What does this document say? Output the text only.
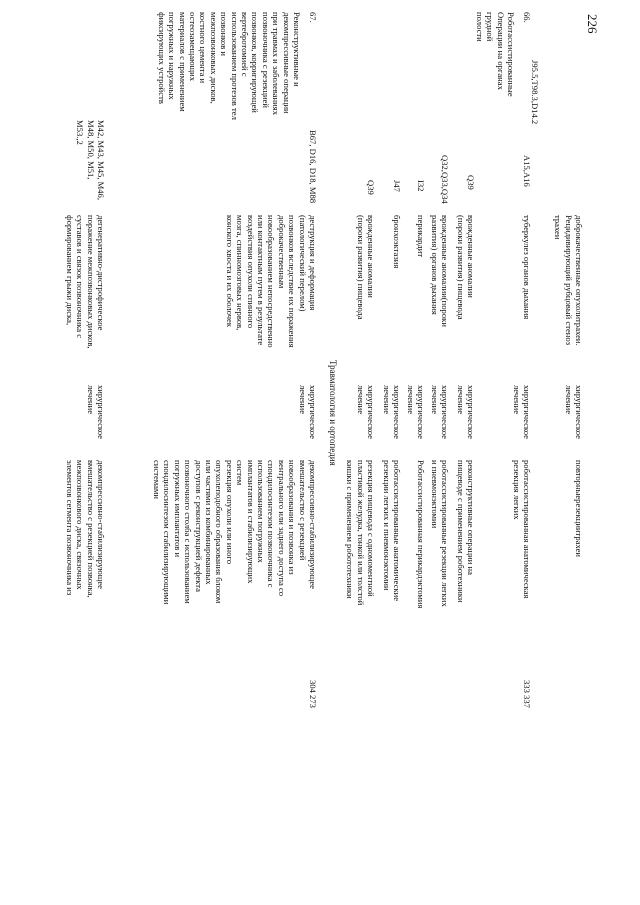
226
J95.5,T98.3,D14.2
доброкачественные опухолитрахеи.
Рецидивирующий рубцовый стеноз
трахеи
хирургическое
лечение
повторныерезекциитрахеи
66.
Роботассистированные
Операции на органах
грудной
полости
A15,A16
туберкулез органов дыхания
хирургическое
лечение
роботассистированная анатомическая
резекция легких
333 337
Q39
врожденные аномалии
(пороки развития) пищевода
хирургическое
лечение
реконструктивные операции на
пищеводе с применением роботехники
Q32,Q33,Q34
врожденные аномалии(пороки
развития) органов дыхания
хирургическое
лечение
роботассистированные резекции легких
и пневмонэктомии
I32
перикардит
хирургическое
лечение
Роботассистированная перикардэктомия
J47
бронхоэктазия
хирургическое
лечение
роботассистированные анатомические
резекции легких и пневмонэктомии
Q39
врожденные аномалии
(пороки развития) пищевода
хирургическое
лечение
резекция пищевода с одномоментной
пластикой желудка, тонкой или толстой
кишки с применением робототехники
Травматология и ортопедия
67.
Реконструктивные и
декомпрессивные операции
при травмах и заболеваниях
позвоночника с резекцией
позвонков, корригирующей
вертебротомией с
использованием протезов тел
позвонков и
межпозвонковых дисков,
костного цемента и
остеозамещающих
материалов с применением
погружных и наружных
фиксирующих устройств
B67, D16, D18, M88
деструкция и деформация
(патологический перелом)
позвонков вследствие их поражения
доброкачественным
новообразованием непосредственно
или контактным путем в результате
воздействия опухоли спинного
мозга, спинномозговых нервов,
конского хвоста и их оболочек
хирургическое
лечение
декомпрессивно-стабилизирующее
вмешательство с резекцией
новообразования и позвонка из
вентрального или заднего доступа со
спондилосинтезом позвоночника с
использованием погружных
имплантатов и стабилизирующих
систем
резекция опухоли или иного
опухолеподобного образования блоком
или частями из комбинированных
доступов с реконструкцией дефекта
позвоночного столба с использованием
погружных имплантатов и
спондилосинтезом стабилизирующими
системами
304 273
M42, M43, M45, M46,
M48, M50, M51,
M53.,2
дегенеративно-дистрофическое
поражение межпозвонковых дисков,
суставов и связок позвоночника с
формированием грыжи диска,
хирургическое
лечение
декомпрессивно-стабилизирующее
вмешательство с резекцией позвонка,
межпозвонкового диска, связочных
элементов сегмента позвоночника из
